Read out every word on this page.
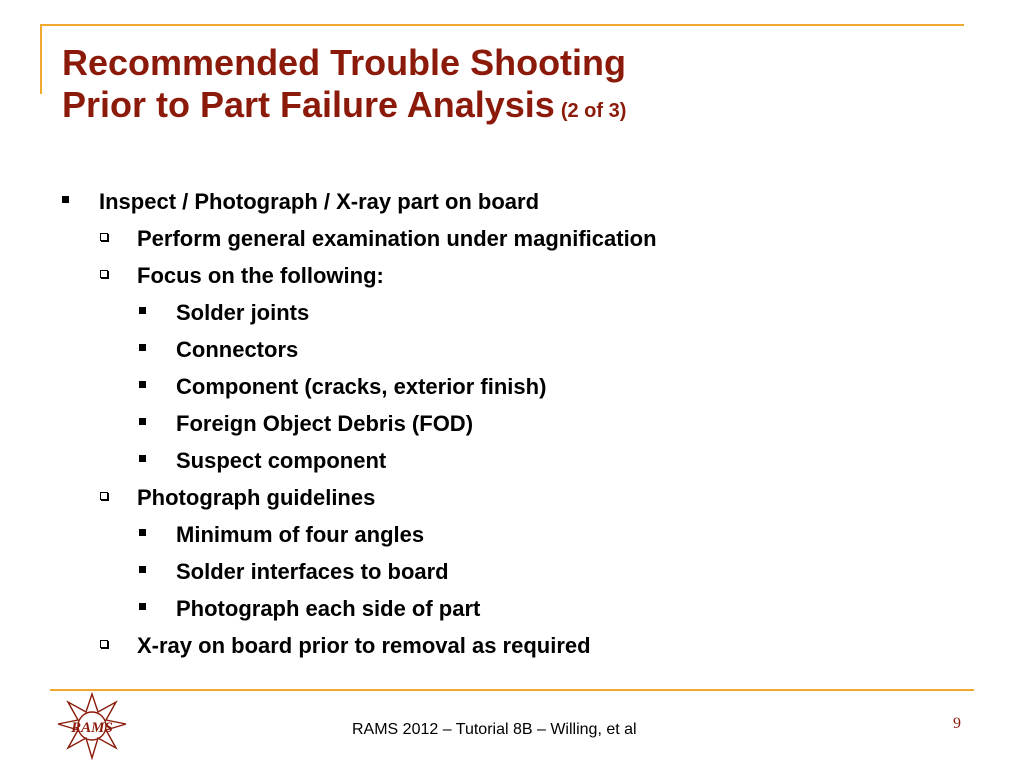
Recommended Trouble Shooting
Prior to Part Failure Analysis (2 of 3)
Inspect / Photograph / X-ray part on board
Perform general examination under magnification
Focus on the following:
Solder joints
Connectors
Component (cracks, exterior finish)
Foreign Object Debris (FOD)
Suspect component
Photograph guidelines
Minimum of four angles
Solder interfaces to board
Photograph each side of part
X-ray on board prior to removal as required
RAMS	RAMS 2012 – Tutorial 8B – Willing, et al	9
